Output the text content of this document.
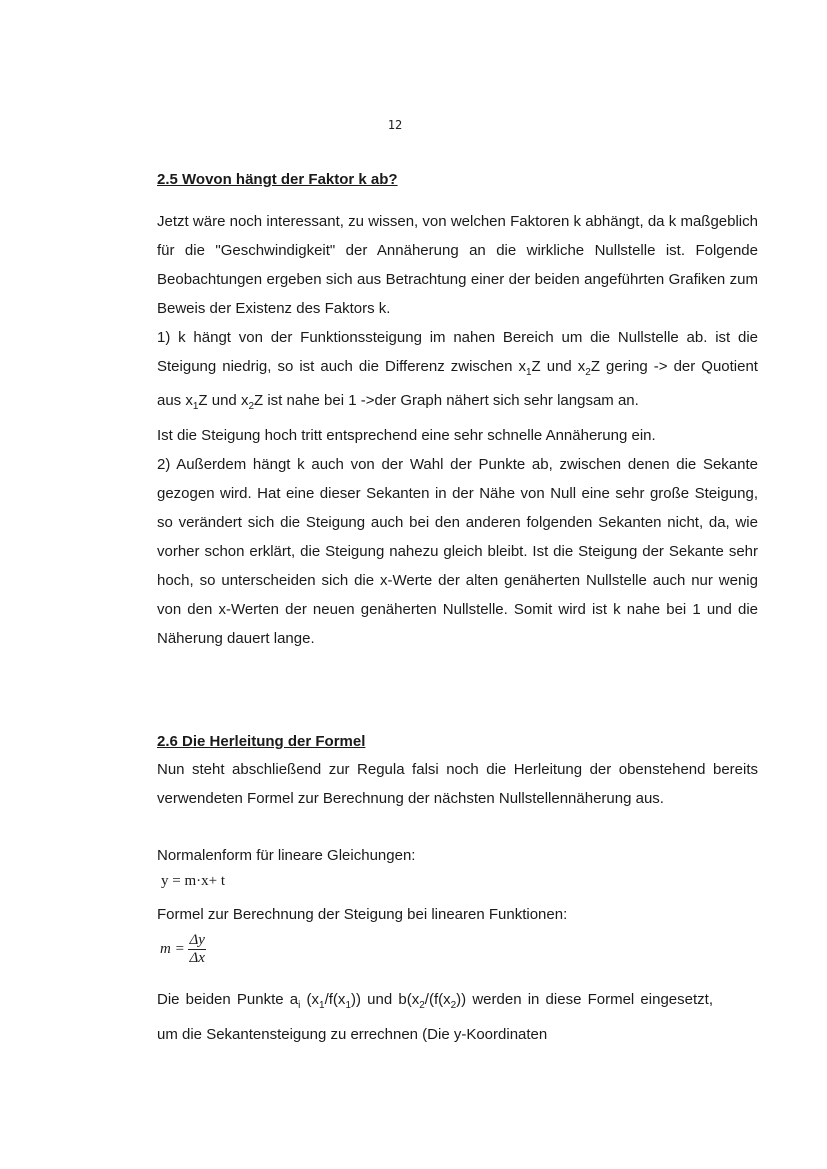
12
2.5 Wovon hängt der Faktor k ab?

Jetzt wäre noch interessant, zu wissen, von welchen Faktoren k abhängt, da k maßgeblich für die "Geschwindigkeit" der Annäherung an die wirkliche Nullstelle ist. Folgende Beobachtungen ergeben sich aus Betrachtung einer der beiden angeführten Grafiken zum Beweis der Existenz des Faktors k.

1) k hängt von der Funktionssteigung im nahen Bereich um die Nullstelle ab. ist die Steigung niedrig, so ist auch die Differenz zwischen $x_1Z$ und $x_2Z$ gering -> der Quotient aus $x_1Z$ und $x_2Z$ ist nahe bei 1 ->der Graph nähert sich sehr langsam an.

Ist die Steigung hoch tritt entsprechend eine sehr schnelle Annäherung ein.

2) Außerdem hängt k auch von der Wahl der Punkte ab, zwischen denen die Sekante gezogen wird. Hat eine dieser Sekanten in der Nähe von Null eine sehr große Steigung, so verändert sich die Steigung auch bei den anderen folgenden Sekanten nicht, da, wie vorher schon erklärt, die Steigung nahezu gleich bleibt. Ist die Steigung der Sekante sehr hoch, so unterscheiden sich die x-Werte der alten genäherten Nullstelle auch nur wenig von den x-Werten der neuen genäherten Nullstelle. Somit wird ist k nahe bei 1 und die Näherung dauert lange.

2.6 Die Herleitung der Formel

Nun steht abschließend zur Regula falsi noch die Herleitung der obenstehend bereits verwendeten Formel zur Berechnung der nächsten Nullstellennäherung aus.

Normalenform für lineare Gleichungen:

y = m·x+ t

Formel zur Berechnung der Steigung bei linearen Funktionen:

$m = \frac{\Delta y}{\Delta x}$

Die beiden Punkte $a_i$ $(x_1/f(x_1))$ und $b(x_2/(f(x_2))$ werden in diese Formel eingesetzt, um die Sekantensteigung zu errechnen (Die y-Koordinaten
